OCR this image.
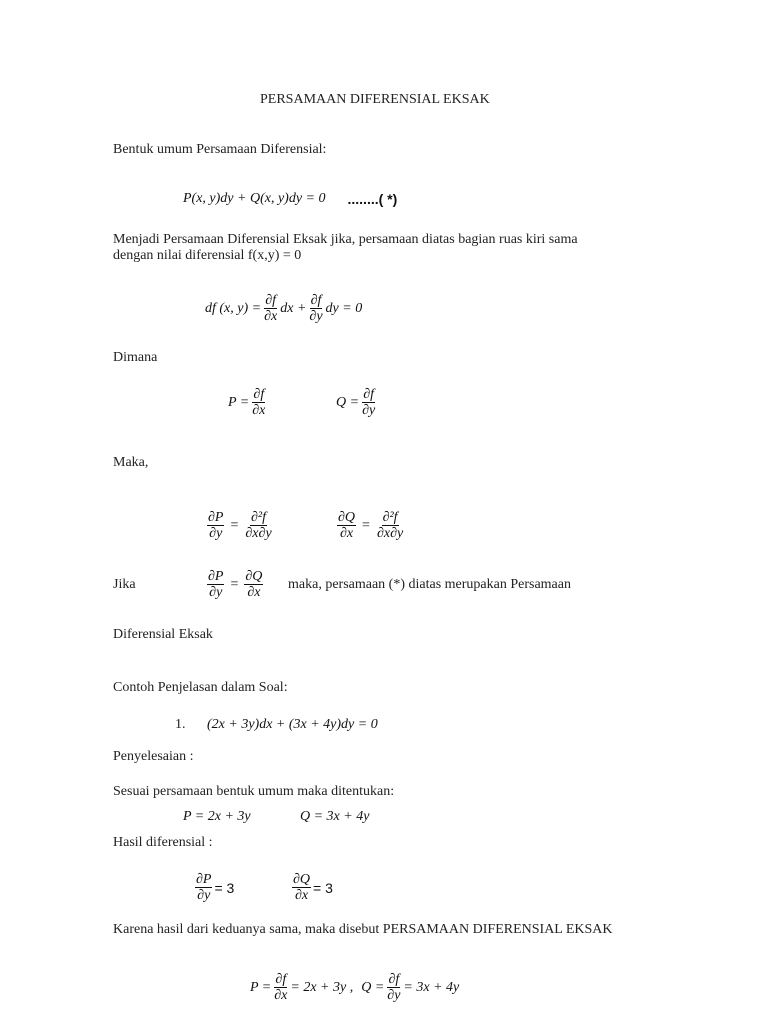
PERSAMAAN DIFERENSIAL EKSAK
Bentuk umum Persamaan Diferensial:
P(x, y)dy + Q(x, y)dy = 0 ........( *)
Menjadi Persamaan Diferensial Eksak jika, persamaan diatas bagian ruas kiri sama
dengan nilai diferensial f(x,y) = 0
df (x, $y) = \frac{\partial f}{\partial x}$ dx + $\frac{\partial f}{\partial y}$ dy = 0
Dimana
$P = \frac{\partial f}{\partial x}$	$Q = \frac{\partial f}{\partial y}$
Maka,
$\frac{\partial P}{\partial y} = \frac{\text{∂²f}}{\partial x\partial y}$	$\frac{\partial Q}{\partial x} = \frac{\text{∂²f}}{\partial x\partial y}$
Jika	$\frac{\partial P}{\partial y} = \frac{\partial Q}{\partial x}$ maka, persamaan (*) diatas merupakan Persamaan
Diferensial Eksak
Contoh Penjelasan dalam Soal:
1. (2x + 3y)dx + (3x + 4y)dy = 0
Penyelesaian :
Sesuai persamaan bentuk umum maka ditentukan:
P = 2x + 3y	Q = 3x + 4y
Hasil diferensial :
$\frac{\partial P}{\partial y} = 3$	$\frac{\partial Q}{\partial x} = 3$
Karena hasil dari keduanya sama, maka disebut PERSAMAAN DIFERENSIAL EKSAK
$P = \frac{\partial f}{\partial x} = 2x + 3y$ , $Q = \frac{\partial f}{\partial y} = 3x + 4y$
